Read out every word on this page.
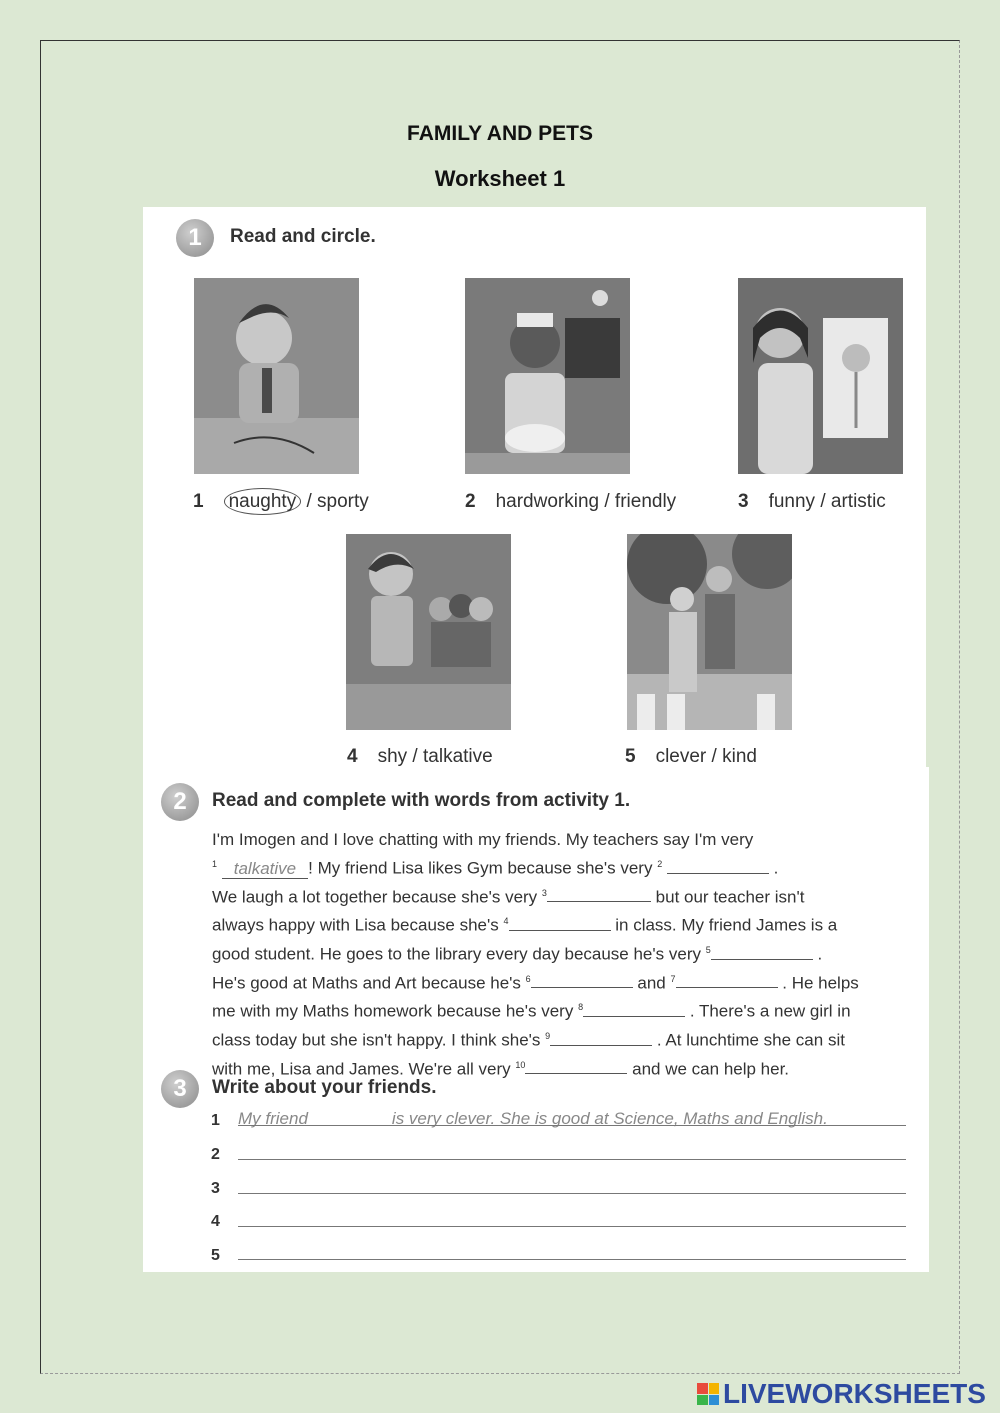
FAMILY AND PETS
Worksheet 1
1	Read and circle.
1 naughty / sporty	2 hardworking / friendly	3 funny / artistic
4 shy / talkative	5 clever / kind
2	Read and complete with words from activity 1.
I'm Imogen and I love chatting with my friends. My teachers say I'm very
$^1$ talkative ! My friend Lisa likes Gym because she's very $^2$	.
We laugh a lot together because she's very $^3$	but our teacher isn't
always happy with Lisa because she's $^4$	in class. My friend James is a
good student. He goes to the library every day because he's very $^5$	.
He's good at Maths and Art because he's $^6$	and $^7$	. He helps
me with my Maths homework because he's very $^8$	. There's a new girl in
class today but she isn't happy. I think she's $^9$	. At lunchtime she can sit
with me, Lisa and James. We're all very $^{10}$	and we can help her.
3	Write about your friends.
1 My friend	is very clever. She is good at Science, Maths and English.
2
3
4
5
LIVEWORKSHEETS
